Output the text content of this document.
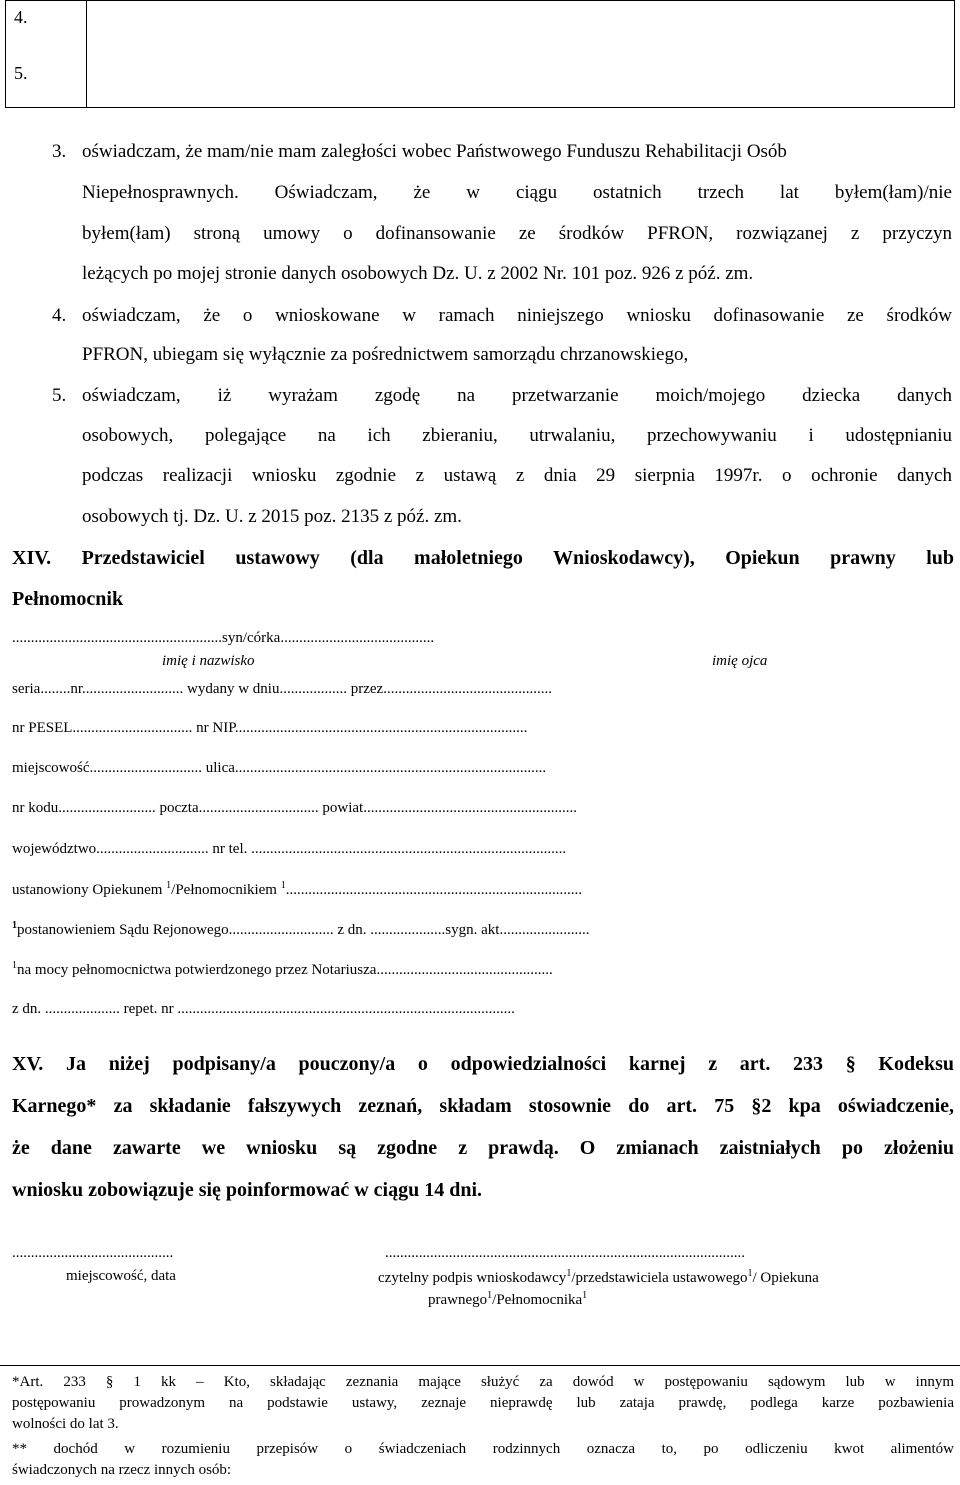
4.
5.
3. oświadczam, że mam/nie mam zaległości wobec Państwowego Funduszu Rehabilitacji Osób
Niepełnosprawnych. Oświadczam, że w ciągu ostatnich trzech lat byłem(łam)/nie
byłem(łam) stroną umowy o dofinansowanie ze środków PFRON, rozwiązanej z przyczyn
leżących po mojej stronie danych osobowych Dz. U. z 2002 Nr. 101 poz. 926 z póź. zm.
4. oświadczam, że o wnioskowane w ramach niniejszego wniosku dofinasowanie ze środków
PFRON, ubiegam się wyłącznie za pośrednictwem samorządu chrzanowskiego,
5. oświadczam, iż wyrażam zgodę na przetwarzanie moich/mojego dziecka danych
osobowych, polegające na ich zbieraniu, utrwalaniu, przechowywaniu i udostępnianiu
podczas realizacji wniosku zgodnie z ustawą z dnia 29 sierpnia 1997r. o ochronie danych
osobowych tj. Dz. U. z 2015 poz. 2135 z póź. zm.
XIV. Przedstawiciel ustawowy (dla małoletniego Wnioskodawcy), Opiekun prawny lub
Pełnomocnik
........................................................syn/córka.........................................
imię i nazwisko	imię ojca
seria........nr........................... wydany w dniu.................. przez.............................................
nr PESEL................................ nr NIP..............................................................................
miejscowość.............................. ulica...................................................................................
nr kodu.......................... poczta................................ powiat.........................................................
województwo.............................. nr tel. ....................................................................................
ustanowiony Opiekunem $^1$/Pełnomocnikiem $^1$...............................................................................
$^1$postanowieniem Sądu Rejonowego............................ z dn. ....................sygn. akt........................
$^1$na mocy pełnomocnictwa potwierdzonego przez Notariusza...............................................
z dn. .................... repet. nr ..........................................................................................
XV. Ja niżej podpisany/a pouczony/a o odpowiedzialności karnej z art. 233 § Kodeksu
Karnego* za składanie fałszywych zeznań, składam stosownie do art. 75 §2 kpa oświadczenie,
że dane zawarte we wniosku są zgodne z prawdą. O zmianach zaistniałych po złożeniu
wniosku zobowiązuje się poinformować w ciągu 14 dni.
...........................................	................................................................................................
miejscowość, data	czytelny podpis wnioskodawcy$^1$/przedstawiciela ustawowego$^1$/ Opiekuna
prawnego$^1$/Pełnomocnika$^1$
*Art. 233 § 1 kk – Kto, składając zeznania mające służyć za dowód w postępowaniu sądowym lub w innym
postępowaniu prowadzonym na podstawie ustawy, zeznaje nieprawdę lub zataja prawdę, podlega karze pozbawienia
wolności do lat 3.
** dochód w rozumieniu przepisów o świadczeniach rodzinnych oznacza to, po odliczeniu kwot alimentów
świadczonych na rzecz innych osób:
